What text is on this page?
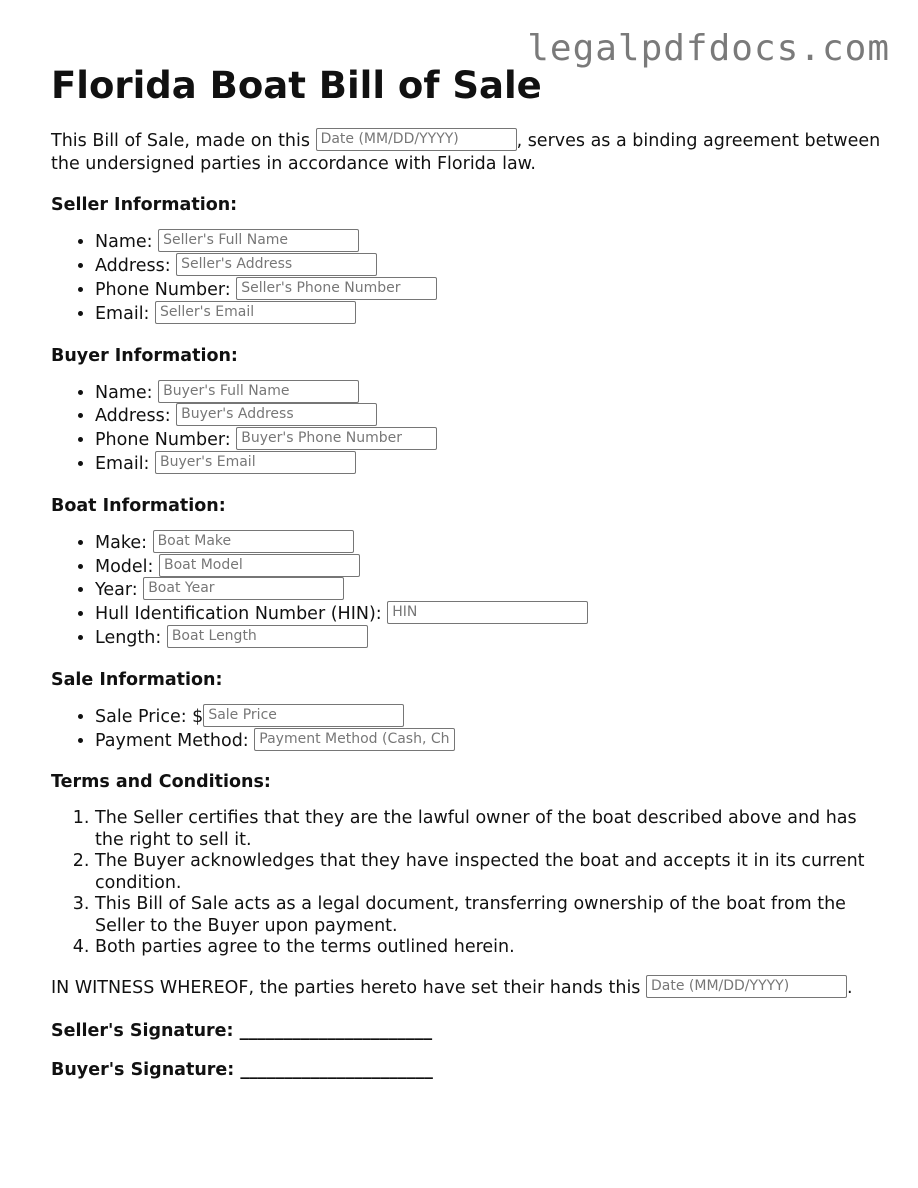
legalpdfdocs.com
Florida Boat Bill of Sale

This Bill of Sale, made on this Date (MM/DD/YYYY)	, serves as a binding agreement between the undersigned parties in accordance with Florida law.

Seller Information:
• Name: Seller's Full Name
• Address: Seller's Address
• Phone Number: Seller's Phone Number
• Email: Seller's Email
Buyer Information:
• Name: Buyer's Full Name
• Address: Buyer's Address
• Phone Number: Buyer's Phone Number
• Email: Buyer's Email
Boat Information:
• Make: Boat Make
• Model: Boat Model
• Year: Boat Year
• Hull Identification Number (HIN): HIN
• Length: Boat Length
Sale Information:
• Sale Price: $ Sale Price
• Payment Method: Payment Method (Cash, Ch
Terms and Conditions:
1. The Seller certifies that they are the lawful owner of the boat described above and has the right to sell it.
2. The Buyer acknowledges that they have inspected the boat and accepts it in its current condition.
3. This Bill of Sale acts as a legal document, transferring ownership of the boat from the Seller to the Buyer upon payment.
4. Both parties agree to the terms outlined herein.

IN WITNESS WHEREOF, the parties hereto have set their hands this Date (MM/DD/YYYY)	.

Seller's Signature: ______________________

Buyer's Signature: ______________________
